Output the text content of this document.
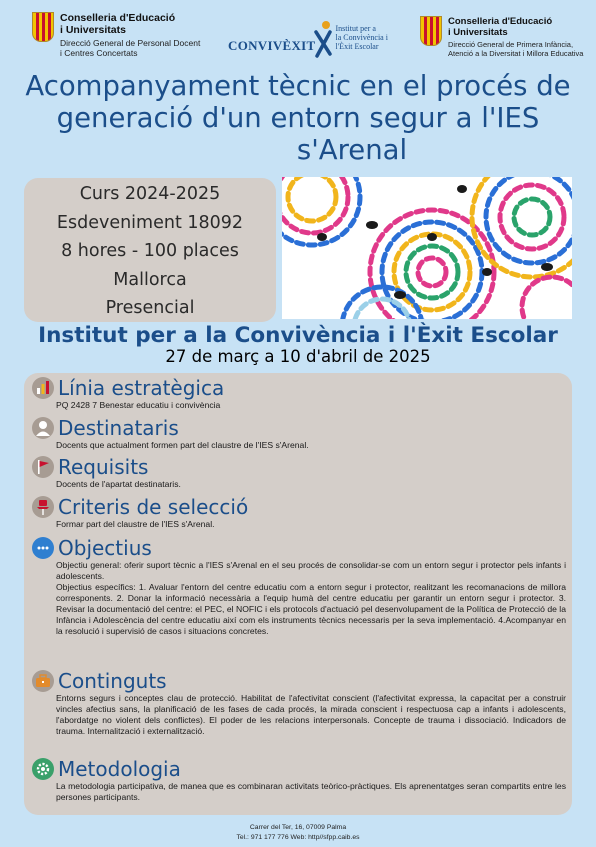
Conselleria d'Educació
i Universitats
Direcció General de Personal Docent
i Centres Concertats	CONVIVÈXIT
Institut per a
la Convivència i
l'Èxit Escolar
Conselleria d'Educació
i Universitats
Direcció General de Primera Infància,
Atenció a la Diversitat i Millora Educativa
Acompanyament tècnic en el procés de
generació d'un entorn segur a l'IES
s'Arenal
Curs 2024-2025
Esdeveniment 18092
8 hores - 100 places
Mallorca
Presencial
Institut per a la Convivència i l'Èxit Escolar
27 de març a 10 d'abril de 2025
Línia estratègica
PQ 2428 7 Benestar educatiu i convivència
Destinataris
Docents que actualment formen part del claustre de l'IES s'Arenal.
Requisits
Docents de l'apartat destinataris.
Criteris de selecció
Formar part del claustre de l'IES s'Arenal.
Objectius
Objectiu general: oferir suport tècnic a l'IES s'Arenal en el seu procés de consolidar-se com un entorn segur i protector pels infants i adolescents.
Objectius específics: 1. Avaluar l'entorn del centre educatiu com a entorn segur i protector, realitzant les recomanacions de millora corresponents. 2. Donar la informació necessària a l'equip humà del centre educatiu per garantir un entorn segur i protector. 3. Revisar la documentació del centre: el PEC, el NOFIC i els protocols d'actuació pel desenvolupament de la Política de Protecció de la Infància i Adolescència del centre educatiu així com els instruments tècnics necessaris per la seva implementació. 4.Acompanyar en la resolució i supervisió de casos i situacions concretes.
Continguts
Entorns segurs i conceptes clau de protecció. Habilitat de l'afectivitat conscient (l'afectivitat expressa, la capacitat per a construir vincles afectius sans, la planificació de les fases de cada procés, la mirada conscient i respectuosa cap a infants i adolescents, l'abordatge no violent dels conflictes). El poder de les relacions interpersonals. Concepte de trauma i dissociació. Indicadors de trauma. Internalització i externalització.
Metodologia
La metodologia participativa, de manea que es combinaran activitats teòrico-pràctiques. Els aprenentatges seran compartits entre les persones participants.
Carrer del Ter, 16, 07009 Palma
Tel.: 971 177 776 Web: http//sfpp.caib.es
